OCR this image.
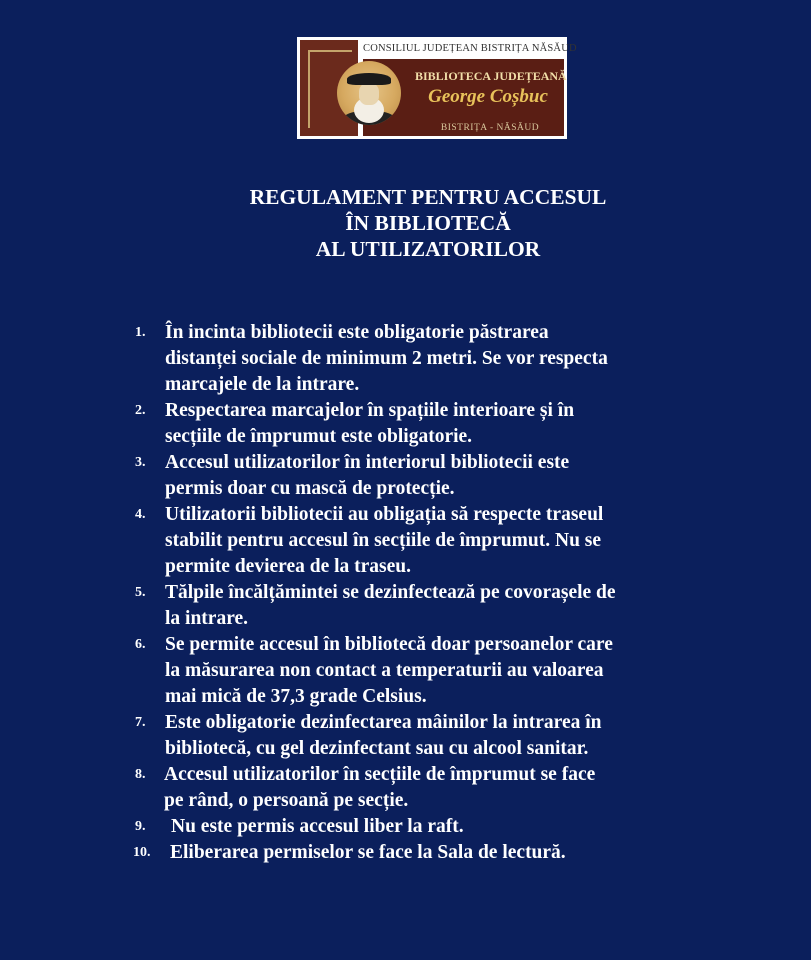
CONSILIUL JUDEȚEAN BISTRIȚA NĂSĂUD
BIBLIOTECA JUDEȚEANĂ
George Coșbuc
BISTRIȚA - NĂSĂUD
REGULAMENT PENTRU ACCESUL
ÎN BIBLIOTECĂ
AL UTILIZATORILOR
1.	În incinta bibliotecii este obligatorie păstrarea
distanței sociale de minimum 2 metri. Se vor respecta
marcajele de la intrare.
2.	Respectarea marcajelor în spațiile interioare și în
secțiile de împrumut este obligatorie.
3.	Accesul utilizatorilor în interiorul bibliotecii este
permis doar cu mască de protecție.
4.	Utilizatorii bibliotecii au obligația să respecte traseul
stabilit pentru accesul în secțiile de împrumut. Nu se
permite devierea de la traseu.
5.	Tălpile încălțămintei se dezinfectează pe covorașele de
la intrare.
6.	Se permite accesul în bibliotecă doar persoanelor care
la măsurarea non contact a temperaturii au valoarea
mai mică de 37,3 grade Celsius.
7.	Este obligatorie dezinfectarea mâinilor la intrarea în
bibliotecă, cu gel dezinfectant sau cu alcool sanitar.
8. Accesul utilizatorilor în secțiile de împrumut se face
pe rând, o persoană pe secție.
9.	Nu este permis accesul liber la raft.
10.	Eliberarea permiselor se face la Sala de lectură.
